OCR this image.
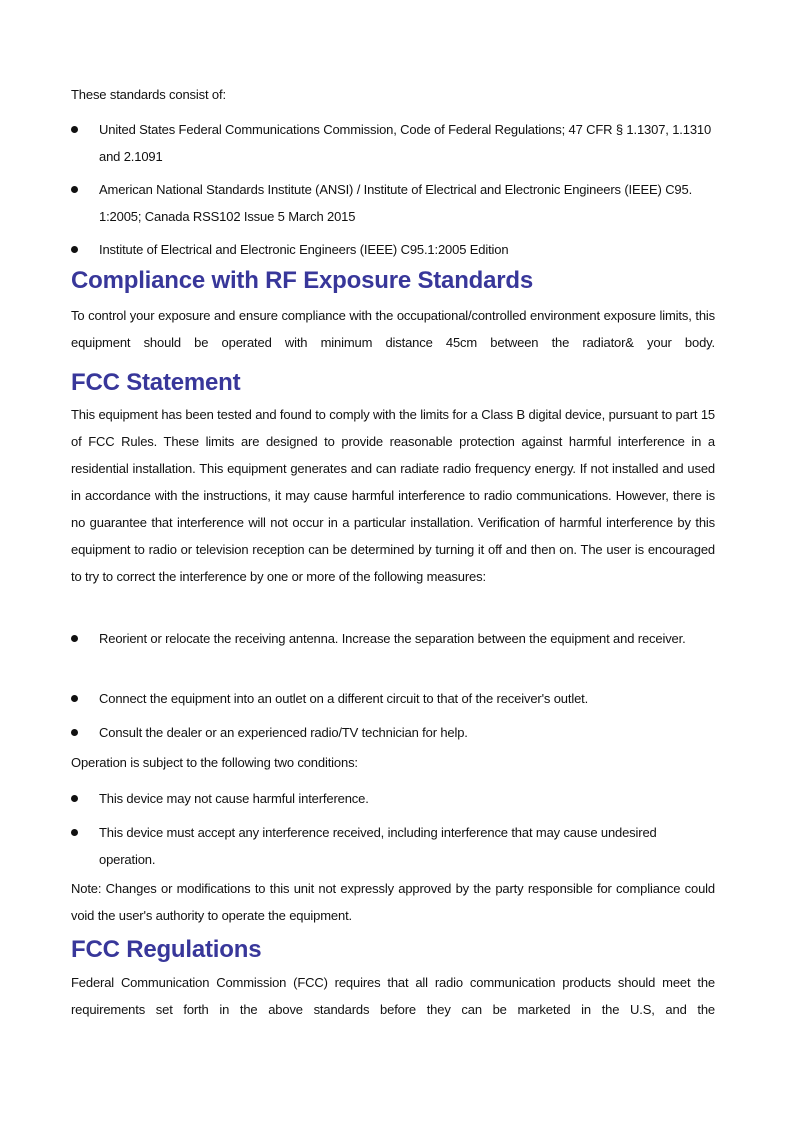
These standards consist of:
United States Federal Communications Commission, Code of Federal Regulations; 47 CFR § 1.1307, 1.1310 and 2.1091
American National Standards Institute (ANSI) / Institute of Electrical and Electronic Engineers (IEEE) C95. 1:2005; Canada RSS102 Issue 5 March 2015
Institute of Electrical and Electronic Engineers (IEEE) C95.1:2005 Edition
Compliance with RF Exposure Standards
To control your exposure and ensure compliance with the occupational/controlled environment exposure limits, this equipment should be operated with minimum distance 45cm between the radiator& your body.
FCC Statement
This equipment has been tested and found to comply with the limits for a Class B digital device, pursuant to part 15 of FCC Rules. These limits are designed to provide reasonable protection against harmful interference in a residential installation. This equipment generates and can radiate radio frequency energy. If not installed and used in accordance with the instructions, it may cause harmful interference to radio communications. However, there is no guarantee that interference will not occur in a particular installation. Verification of harmful interference by this equipment to radio or television reception can be determined by turning it off and then on. The user is encouraged to try to correct the interference by one or more of the following measures:
Reorient or relocate the receiving antenna. Increase the separation between the equipment and receiver.
Connect the equipment into an outlet on a different circuit to that of the receiver's outlet.
Consult the dealer or an experienced radio/TV technician for help.
Operation is subject to the following two conditions:
This device may not cause harmful interference.
This device must accept any interference received, including interference that may cause undesired operation.
Note: Changes or modifications to this unit not expressly approved by the party responsible for compliance could void the user's authority to operate the equipment.
FCC Regulations
Federal Communication Commission (FCC) requires that all radio communication products should meet the requirements set forth in the above standards before they can be marketed in the U.S, and the
